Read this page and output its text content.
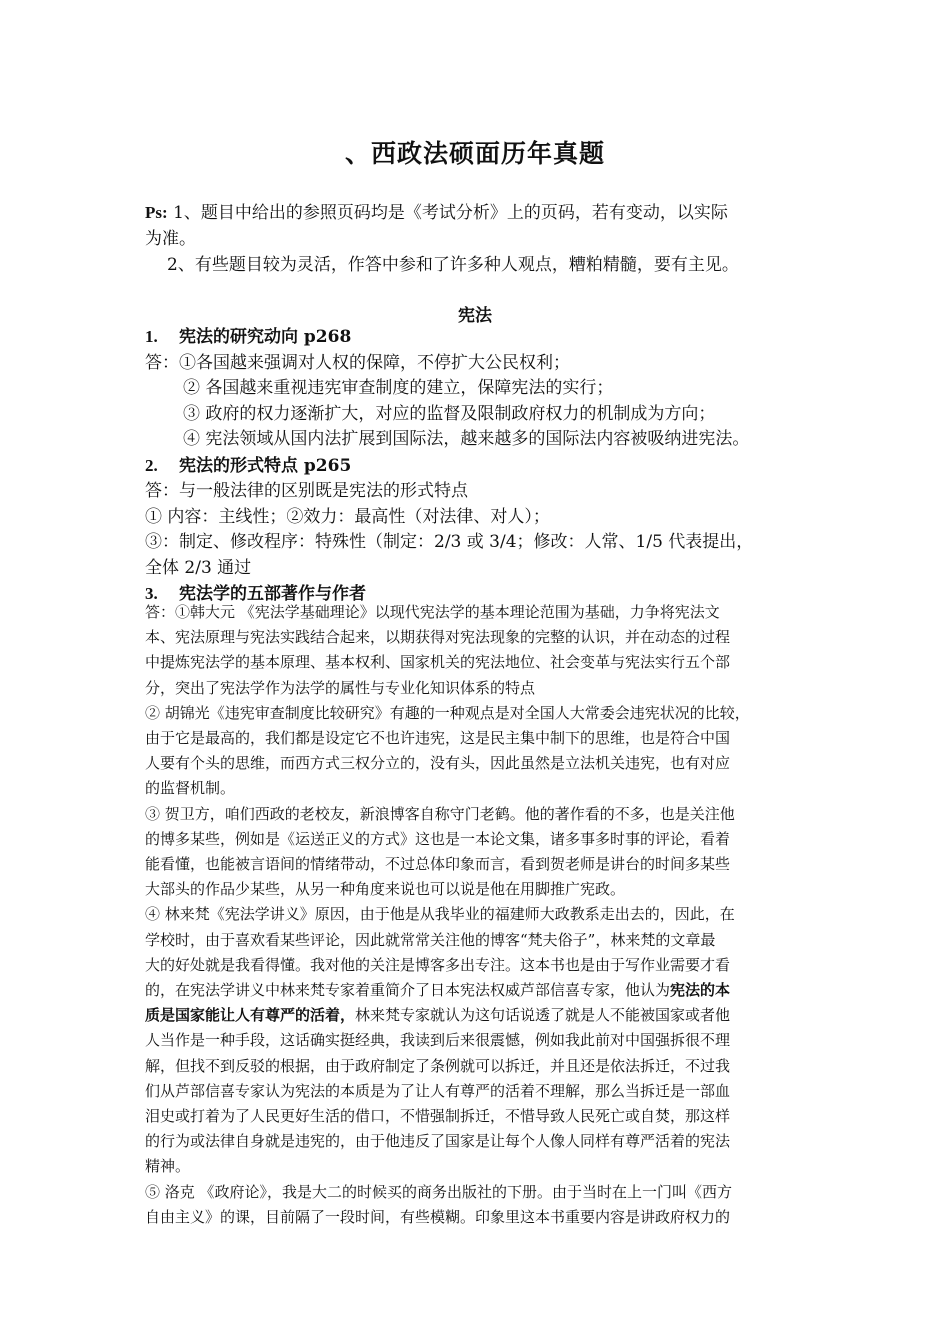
、西政法硕面历年真题

Ps: 1、题目中给出的参照页码均是《考试分析》上的页码，若有变动，以实际

为准。

2、有些题目较为灵活，作答中参和了许多种人观点，糟粕精髓，要有主见。

宪法

1. 宪法的研究动向 p268

答：①各国越来强调对人权的保障，不停扩大公民权利；

② 各国越来重视违宪审查制度的建立，保障宪法的实行；

③ 政府的权力逐渐扩大，对应的监督及限制政府权力的机制成为方向；

④ 宪法领域从国内法扩展到国际法，越来越多的国际法内容被吸纳进宪法。

2. 宪法的形式特点 p265

答：与一般法律的区别既是宪法的形式特点

① 内容：主线性；②效力：最高性（对法律、对人）；

③：制定、修改程序：特殊性（制定：2/3 或 3/4；修改：人常、1/5 代表提出，

全体 2/3 通过

3. 宪法学的五部著作与作者

答：①韩大元 《宪法学基础理论》以现代宪法学的基本理论范围为基础，力争将宪法文

本、宪法原理与宪法实践结合起来，以期获得对宪法现象的完整的认识，并在动态的过程

中提炼宪法学的基本原理、基本权利、国家机关的宪法地位、社会变革与宪法实行五个部

分，突出了宪法学作为法学的属性与专业化知识体系的特点

② 胡锦光《违宪审查制度比较研究》有趣的一种观点是对全国人大常委会违宪状况的比较，

由于它是最高的，我们都是设定它不也许违宪，这是民主集中制下的思维，也是符合中国

人要有个头的思维，而西方式三权分立的，没有头，因此虽然是立法机关违宪，也有对应

的监督机制。

③ 贺卫方，咱们西政的老校友，新浪博客自称守门老鹤。他的著作看的不多，也是关注他

的博多某些，例如是《运送正义的方式》这也是一本论文集，诸多事多时事的评论，看着

能看懂，也能被言语间的情绪带动，不过总体印象而言，看到贺老师是讲台的时间多某些

大部头的作品少某些，从另一种角度来说也可以说是他在用脚推广宪政。

④ 林来梵《宪法学讲义》原因，由于他是从我毕业的福建师大政教系走出去的，因此，在

学校时，由于喜欢看某些评论，因此就常常关注他的博客“梵夫俗子”，林来梵的文章最

大的好处就是我看得懂。我对他的关注是博客多出专注。这本书也是由于写作业需要才看

的，在宪法学讲义中林来梵专家着重简介了日本宪法权威芦部信喜专家，他认为宪法的本

质是国家能让人有尊严的活着，林来梵专家就认为这句话说透了就是人不能被国家或者他

人当作是一种手段，这话确实挺经典，我读到后来很震憾，例如我此前对中国强拆很不理

解，但找不到反驳的根据，由于政府制定了条例就可以拆迁，并且还是依法拆迁，不过我

们从芦部信喜专家认为宪法的本质是为了让人有尊严的活着不理解，那么当拆迁是一部血

泪史或打着为了人民更好生活的借口，不惜强制拆迁，不惜导致人民死亡或自焚，那这样

的行为或法律自身就是违宪的，由于他违反了国家是让每个人像人同样有尊严活着的宪法

精神。

⑤ 洛克 《政府论》，我是大二的时候买的商务出版社的下册。由于当时在上一门叫《西方

自由主义》的课，目前隔了一段时间，有些模糊。印象里这本书重要内容是讲政府权力的
